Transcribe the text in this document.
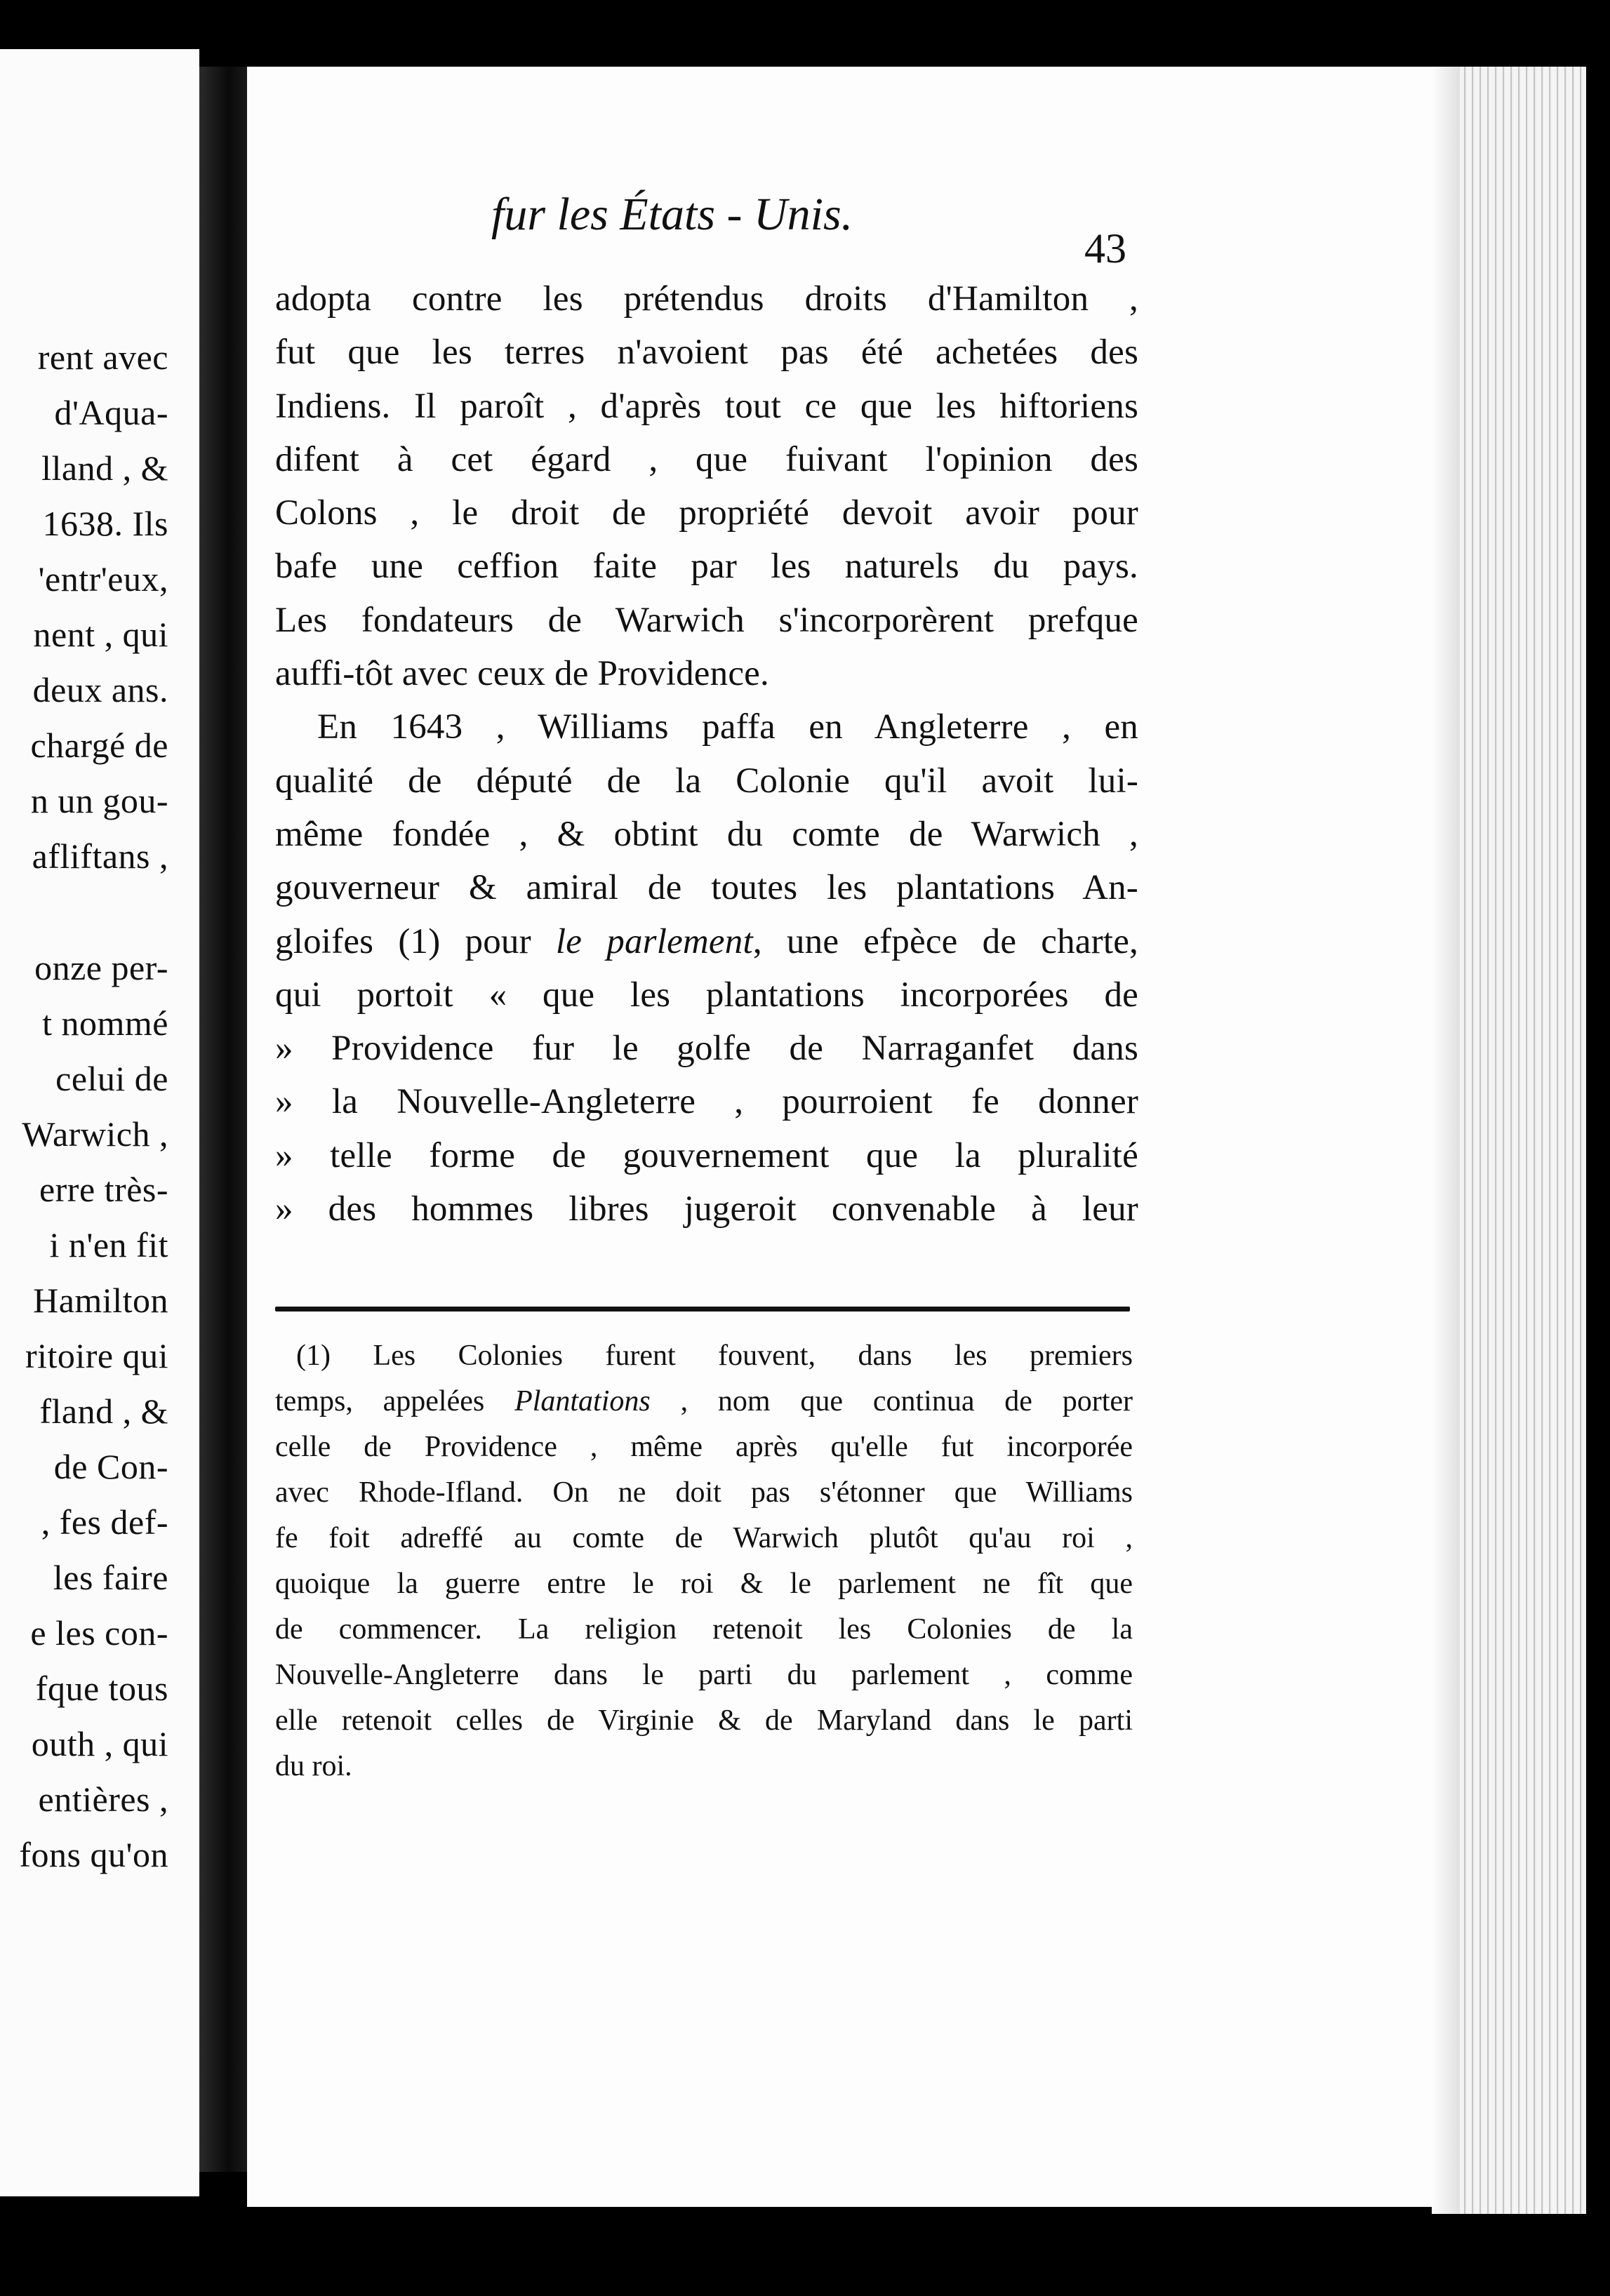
rent avec
d'Aqua-
lland , &
1638. Ils
'entr'eux,
nent , qui
deux ans.
chargé de
n un gou-
afliftans ,
onze per-
t nommé
celui de
Warwich ,
erre très-
i n'en fit
Hamilton
ritoire qui
fland , &
de Con-
, fes def-
les faire
e les con-
fque tous
outh , qui
entières ,
fons qu'on
fur les États - Unis.
43
adopta contre les prétendus droits d'Hamilton ,
fut que les terres n'avoient pas été achetées des
Indiens. Il paroît , d'après tout ce que les hiftoriens
difent à cet égard , que fuivant l'opinion des
Colons , le droit de propriété devoit avoir pour
bafe une ceffion faite par les naturels du pays.
Les fondateurs de Warwich s'incorporèrent prefque
auffi-tôt avec ceux de Providence.
En 1643 , Williams paffa en Angleterre , en
qualité de député de la Colonie qu'il avoit lui-
même fondée , & obtint du comte de Warwich ,
gouverneur & amiral de toutes les plantations An-
gloifes (1) pour le parlement, une efpèce de charte,
qui portoit « que les plantations incorporées de
» Providence fur le golfe de Narraganfet dans
» la Nouvelle-Angleterre , pourroient fe donner
» telle forme de gouvernement que la pluralité
» des hommes libres jugeroit convenable à leur
(1) Les Colonies furent fouvent, dans les premiers
temps, appelées Plantations , nom que continua de porter
celle de Providence , même après qu'elle fut incorporée
avec Rhode-Ifland. On ne doit pas s'étonner que Williams
fe foit adreffé au comte de Warwich plutôt qu'au roi ,
quoique la guerre entre le roi & le parlement ne fît que
de commencer. La religion retenoit les Colonies de la
Nouvelle-Angleterre dans le parti du parlement , comme
elle retenoit celles de Virginie & de Maryland dans le parti
du roi.
